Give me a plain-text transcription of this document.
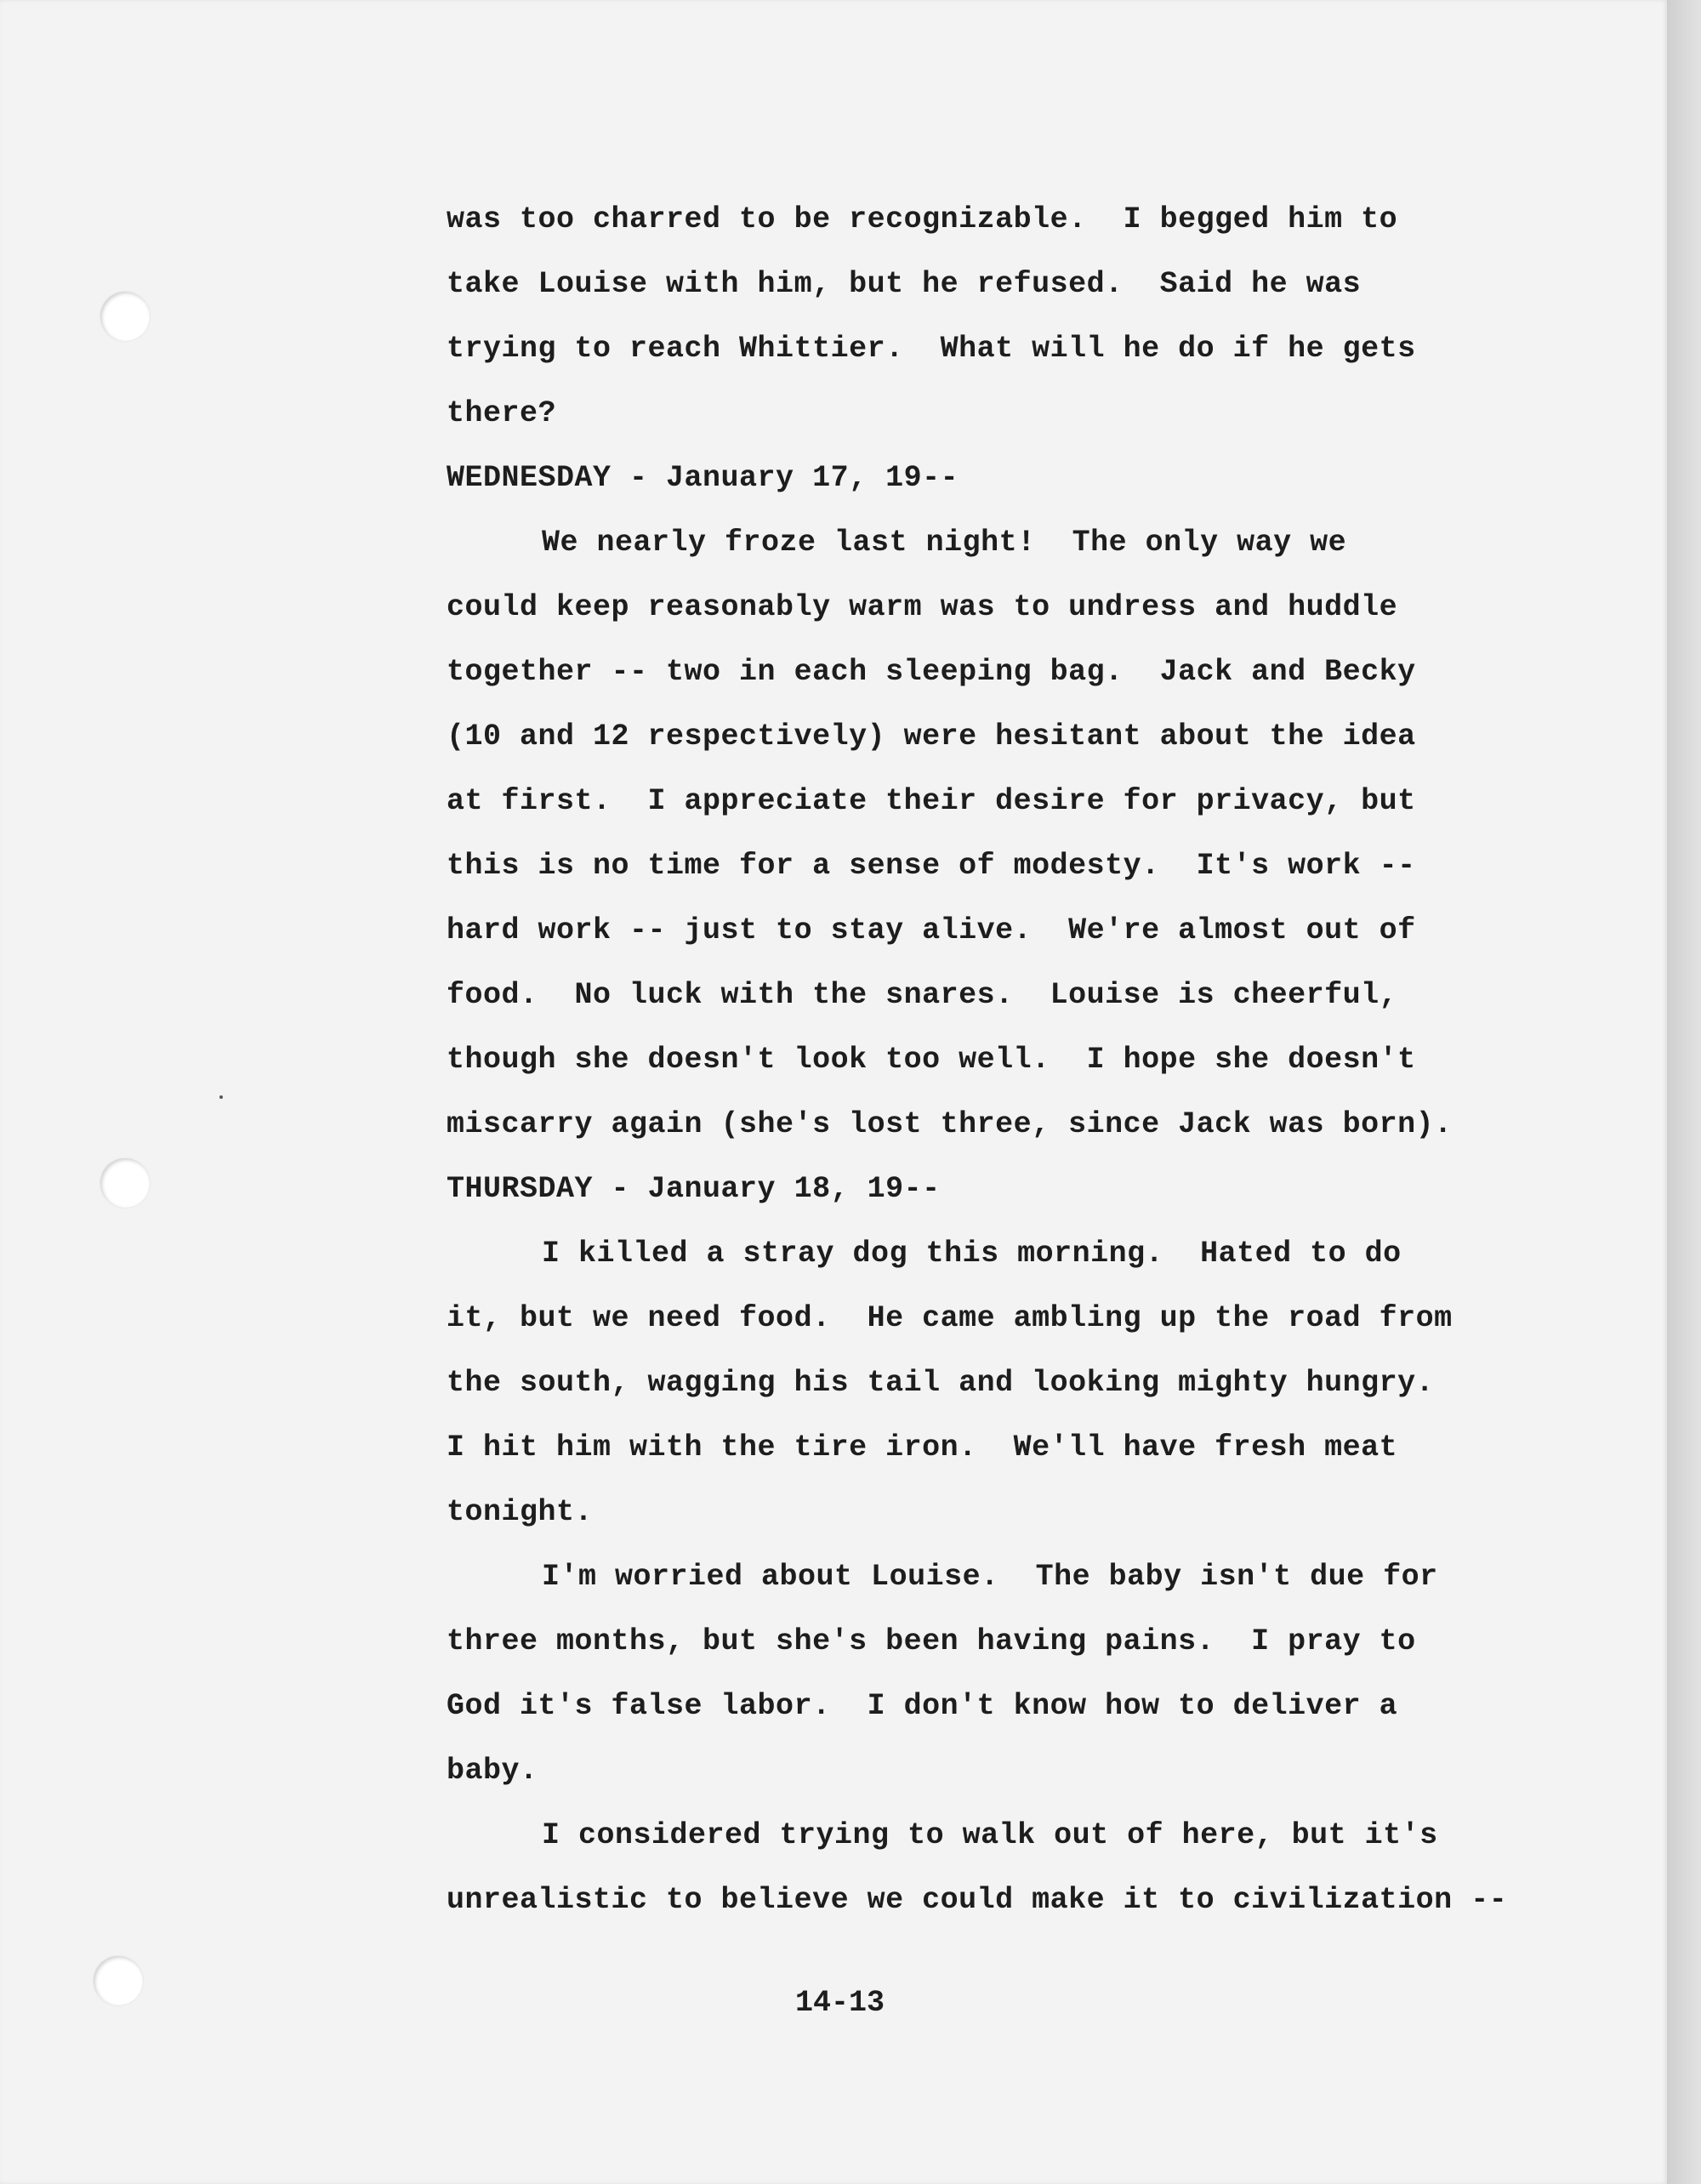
was too charred to be recognizable.  I begged him to

take Louise with him, but he refused.  Said he was

trying to reach Whittier.  What will he do if he gets

there?

WEDNESDAY - January 17, 19--

We nearly froze last night!  The only way we

could keep reasonably warm was to undress and huddle

together -- two in each sleeping bag.  Jack and Becky

(10 and 12 respectively) were hesitant about the idea

at first.  I appreciate their desire for privacy, but

this is no time for a sense of modesty.  It's work --

hard work -- just to stay alive.  We're almost out of

food.  No luck with the snares.  Louise is cheerful,

though she doesn't look too well.  I hope she doesn't

miscarry again (she's lost three, since Jack was born).

THURSDAY - January 18, 19--

I killed a stray dog this morning.  Hated to do

it, but we need food.  He came ambling up the road from

the south, wagging his tail and looking mighty hungry.

I hit him with the tire iron.  We'll have fresh meat

tonight.

I'm worried about Louise.  The baby isn't due for

three months, but she's been having pains.  I pray to

God it's false labor.  I don't know how to deliver a

baby.

I considered trying to walk out of here, but it's

unrealistic to believe we could make it to civilization --

14-13
